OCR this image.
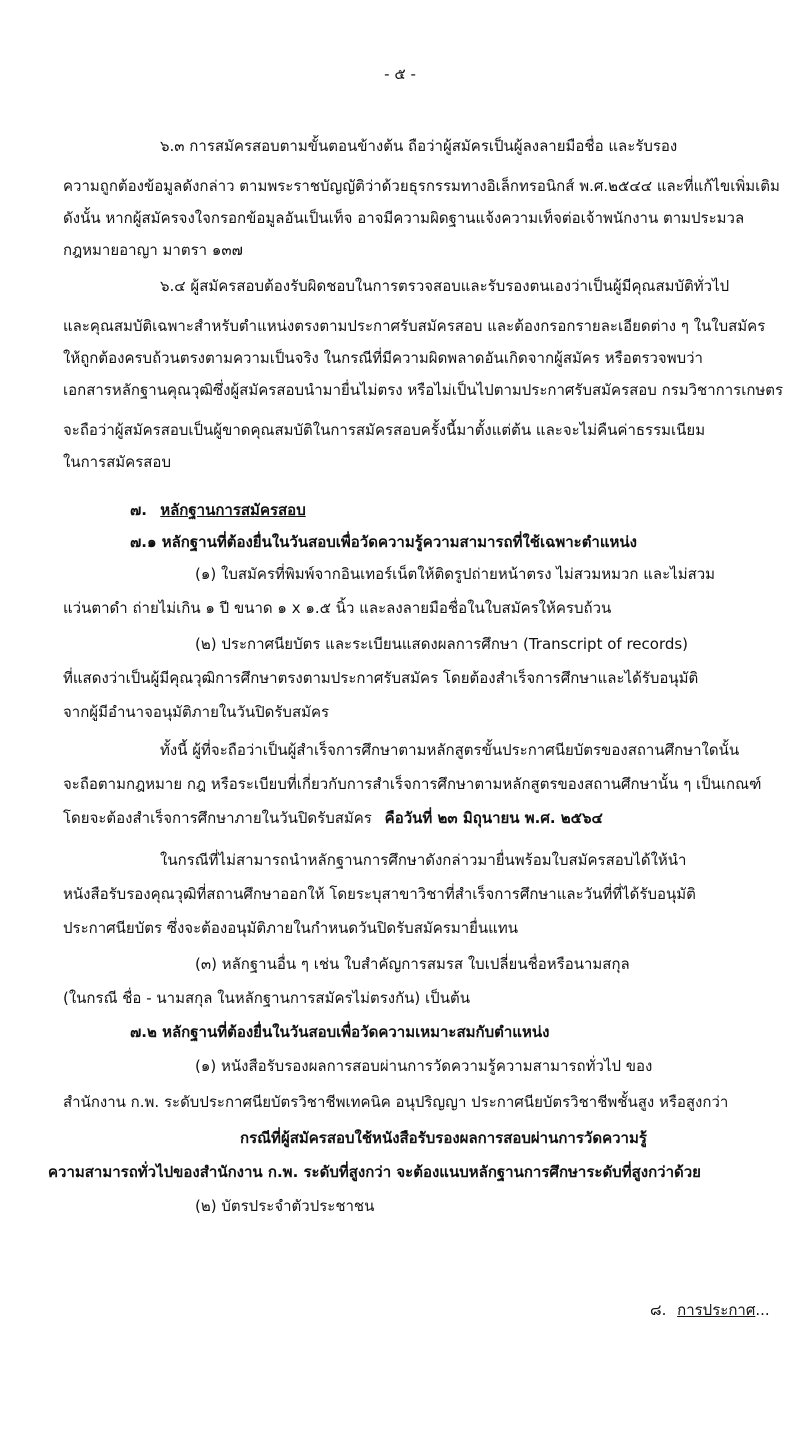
- ๕ -
๖.๓ การสมัครสอบตามขั้นตอนข้างต้น ถือว่าผู้สมัครเป็นผู้ลงลายมือชื่อ และรับรอง
ความถูกต้องข้อมูลดังกล่าว ตามพระราชบัญญัติว่าด้วยธุรกรรมทางอิเล็กทรอนิกส์ พ.ศ.๒๕๔๔ และที่แก้ไขเพิ่มเติม
ดังนั้น หากผู้สมัครจงใจกรอกข้อมูลอันเป็นเท็จ อาจมีความผิดฐานแจ้งความเท็จต่อเจ้าพนักงาน ตามประมวล
กฎหมายอาญา มาตรา ๑๓๗
๖.๔ ผู้สมัครสอบต้องรับผิดชอบในการตรวจสอบและรับรองตนเองว่าเป็นผู้มีคุณสมบัติทั่วไป
และคุณสมบัติเฉพาะสำหรับตำแหน่งตรงตามประกาศรับสมัครสอบ และต้องกรอกรายละเอียดต่าง ๆ ในใบสมัคร
ให้ถูกต้องครบถ้วนตรงตามความเป็นจริง ในกรณีที่มีความผิดพลาดอันเกิดจากผู้สมัคร หรือตรวจพบว่า
เอกสารหลักฐานคุณวุฒิซึ่งผู้สมัครสอบนำมายื่นไม่ตรง หรือไม่เป็นไปตามประกาศรับสมัครสอบ กรมวิชาการเกษตร
จะถือว่าผู้สมัครสอบเป็นผู้ขาดคุณสมบัติในการสมัครสอบครั้งนี้มาตั้งแต่ต้น และจะไม่คืนค่าธรรมเนียม
ในการสมัครสอบ
๗. หลักฐานการสมัครสอบ
๗.๑ หลักฐานที่ต้องยื่นในวันสอบเพื่อวัดความรู้ความสามารถที่ใช้เฉพาะตำแหน่ง
(๑) ใบสมัครที่พิมพ์จากอินเทอร์เน็ตให้ติดรูปถ่ายหน้าตรง ไม่สวมหมวก และไม่สวม
แว่นตาดำ ถ่ายไม่เกิน ๑ ปี ขนาด ๑ x ๑.๕ นิ้ว และลงลายมือชื่อในใบสมัครให้ครบถ้วน
(๒) ประกาศนียบัตร และระเบียนแสดงผลการศึกษา (Transcript of records)
ที่แสดงว่าเป็นผู้มีคุณวุฒิการศึกษาตรงตามประกาศรับสมัคร โดยต้องสำเร็จการศึกษาและได้รับอนุมัติ
จากผู้มีอำนาจอนุมัติภายในวันปิดรับสมัคร
ทั้งนี้ ผู้ที่จะถือว่าเป็นผู้สำเร็จการศึกษาตามหลักสูตรขั้นประกาศนียบัตรของสถานศึกษาใดนั้น
จะถือตามกฎหมาย กฎ หรือระเบียบที่เกี่ยวกับการสำเร็จการศึกษาตามหลักสูตรของสถานศึกษานั้น ๆ เป็นเกณฑ์
โดยจะต้องสำเร็จการศึกษาภายในวันปิดรับสมัคร คือวันที่ ๒๓ มิถุนายน พ.ศ. ๒๕๖๔
ในกรณีที่ไม่สามารถนำหลักฐานการศึกษาดังกล่าวมายื่นพร้อมใบสมัครสอบได้ให้นำ
หนังสือรับรองคุณวุฒิที่สถานศึกษาออกให้ โดยระบุสาขาวิชาที่สำเร็จการศึกษาและวันที่ที่ได้รับอนุมัติ
ประกาศนียบัตร ซึ่งจะต้องอนุมัติภายในกำหนดวันปิดรับสมัครมายื่นแทน
(๓) หลักฐานอื่น ๆ เช่น ใบสำคัญการสมรส ใบเปลี่ยนชื่อหรือนามสกุล
(ในกรณี ชื่อ - นามสกุล ในหลักฐานการสมัครไม่ตรงกัน) เป็นต้น
๗.๒ หลักฐานที่ต้องยื่นในวันสอบเพื่อวัดความเหมาะสมกับตำแหน่ง
(๑) หนังสือรับรองผลการสอบผ่านการวัดความรู้ความสามารถทั่วไป ของ
สำนักงาน ก.พ. ระดับประกาศนียบัตรวิชาชีพเทคนิค อนุปริญญา ประกาศนียบัตรวิชาชีพชั้นสูง หรือสูงกว่า
กรณีที่ผู้สมัครสอบใช้หนังสือรับรองผลการสอบผ่านการวัดความรู้
ความสามารถทั่วไปของสำนักงาน ก.พ. ระดับที่สูงกว่า จะต้องแนบหลักฐานการศึกษาระดับที่สูงกว่าด้วย
(๒) บัตรประจำตัวประชาชน
๘. การประกาศ...
